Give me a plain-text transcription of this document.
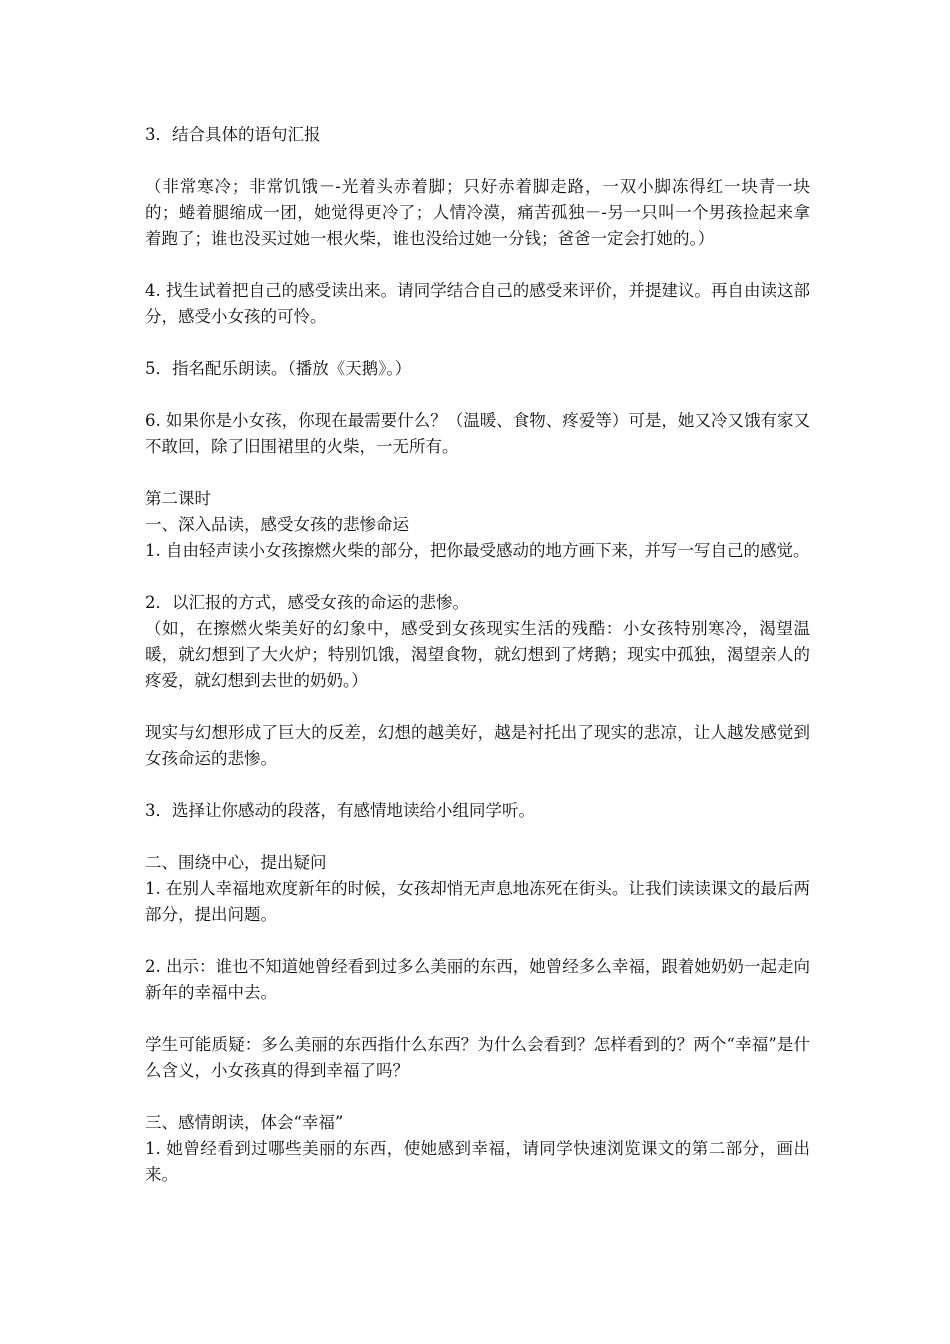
3．结合具体的语句汇报

（非常寒冷；非常饥饿－-光着头赤着脚；只好赤着脚走路，一双小脚冻得红一块青一块的；蜷着腿缩成一团，她觉得更冷了；人情冷漠，痛苦孤独－-另一只叫一个男孩捡起来拿着跑了；谁也没买过她一根火柴，谁也没给过她一分钱；爸爸一定会打她的。）

4. 找生试着把自己的感受读出来。请同学结合自己的感受来评价，并提建议。再自由读这部分，感受小女孩的可怜。

5．指名配乐朗读。（播放《天鹅》。）

6. 如果你是小女孩，你现在最需要什么？（温暖、食物、疼爱等）可是，她又冷又饿有家又不敢回，除了旧围裙里的火柴，一无所有。

第二课时

一、深入品读，感受女孩的悲惨命运

1. 自由轻声读小女孩擦燃火柴的部分，把你最受感动的地方画下来，并写一写自己的感觉。

2．以汇报的方式，感受女孩的命运的悲惨。

（如，在擦燃火柴美好的幻象中，感受到女孩现实生活的残酷：小女孩特别寒冷，渴望温暖，就幻想到了大火炉；特别饥饿，渴望食物，就幻想到了烤鹅；现实中孤独，渴望亲人的疼爱，就幻想到去世的奶奶。）

现实与幻想形成了巨大的反差，幻想的越美好，越是衬托出了现实的悲凉，让人越发感觉到女孩命运的悲惨。

3．选择让你感动的段落，有感情地读给小组同学听。

二、围绕中心，提出疑问

1. 在别人幸福地欢度新年的时候，女孩却悄无声息地冻死在街头。让我们读读课文的最后两部分，提出问题。

2. 出示：谁也不知道她曾经看到过多么美丽的东西，她曾经多么幸福，跟着她奶奶一起走向新年的幸福中去。

学生可能质疑：多么美丽的东西指什么东西？为什么会看到？怎样看到的？两个“幸福”是什么含义，小女孩真的得到幸福了吗？

三、感情朗读，体会“幸福”

1. 她曾经看到过哪些美丽的东西，使她感到幸福，请同学快速浏览课文的第二部分，画出来。
